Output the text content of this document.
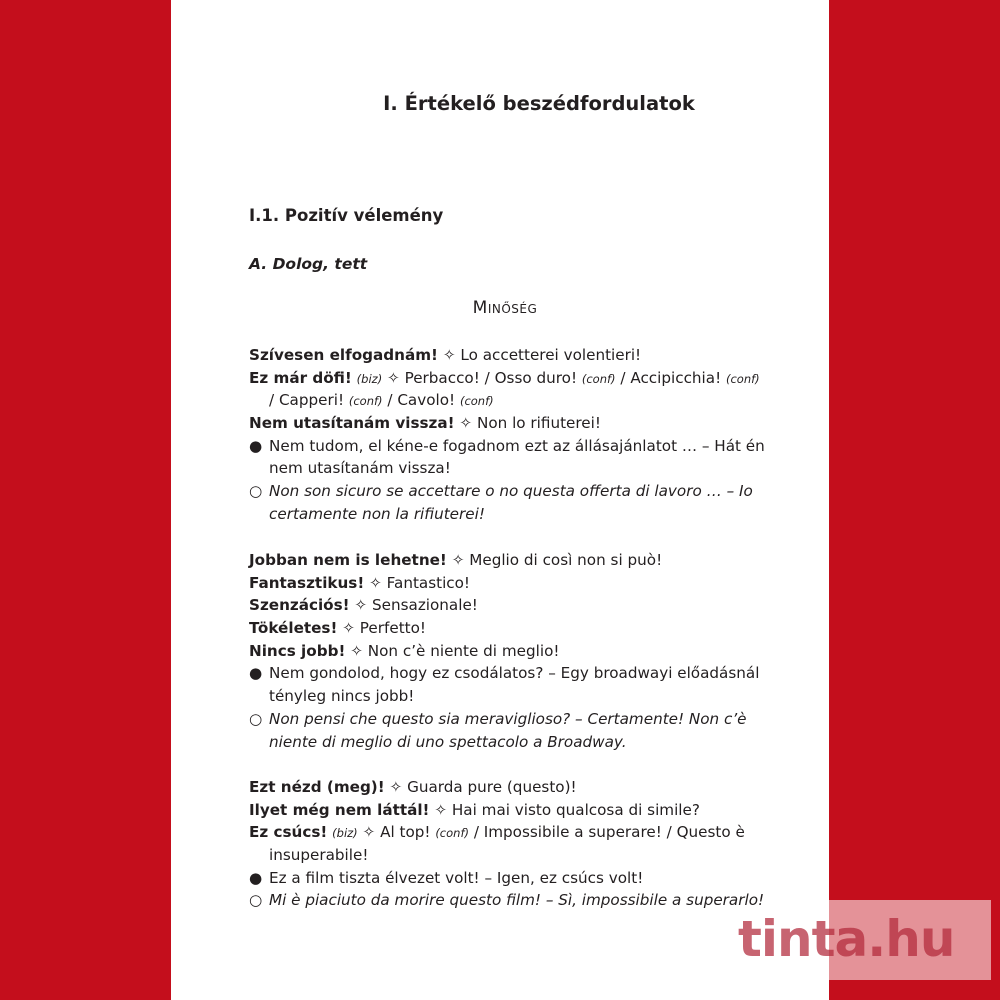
I. Értékelő beszédfordulatok
I.1. Pozitív vélemény
A. Dolog, tett
Minőség
Szívesen elfogadnám! ✧ Lo accetterei volentieri!
Ez már döfi! (biz) ✧ Perbacco! / Osso duro! (conf) / Accipicchia! (conf)
/ Capperi! (conf) / Cavolo! (conf)
Nem utasítanám vissza! ✧ Non lo rifiuterei!
● Nem tudom, el kéne-e fogadnom ezt az állásajánlatot … – Hát én
nem utasítanám vissza!
○ Non son sicuro se accettare o no questa offerta di lavoro … – Io
certamente non la rifiuterei!
Jobban nem is lehetne! ✧ Meglio di così non si può!
Fantasztikus! ✧ Fantastico!
Szenzációs! ✧ Sensazionale!
Tökéletes! ✧ Perfetto!
Nincs jobb! ✧ Non c’è niente di meglio!
● Nem gondolod, hogy ez csodálatos? – Egy broadwayi előadásnál
tényleg nincs jobb!
○ Non pensi che questo sia meraviglioso? – Certamente! Non c’è
niente di meglio di uno spettacolo a Broadway.
Ezt nézd (meg)! ✧ Guarda pure (questo)!
Ilyet még nem láttál! ✧ Hai mai visto qualcosa di simile?
Ez csúcs! (biz) ✧ Al top! (conf) / Impossibile a superare! / Questo è
insuperabile!
● Ez a film tiszta élvezet volt! – Igen, ez csúcs volt!
○ Mi è piaciuto da morire questo film! – Sì, impossibile a superarlo!
tinta.hu
